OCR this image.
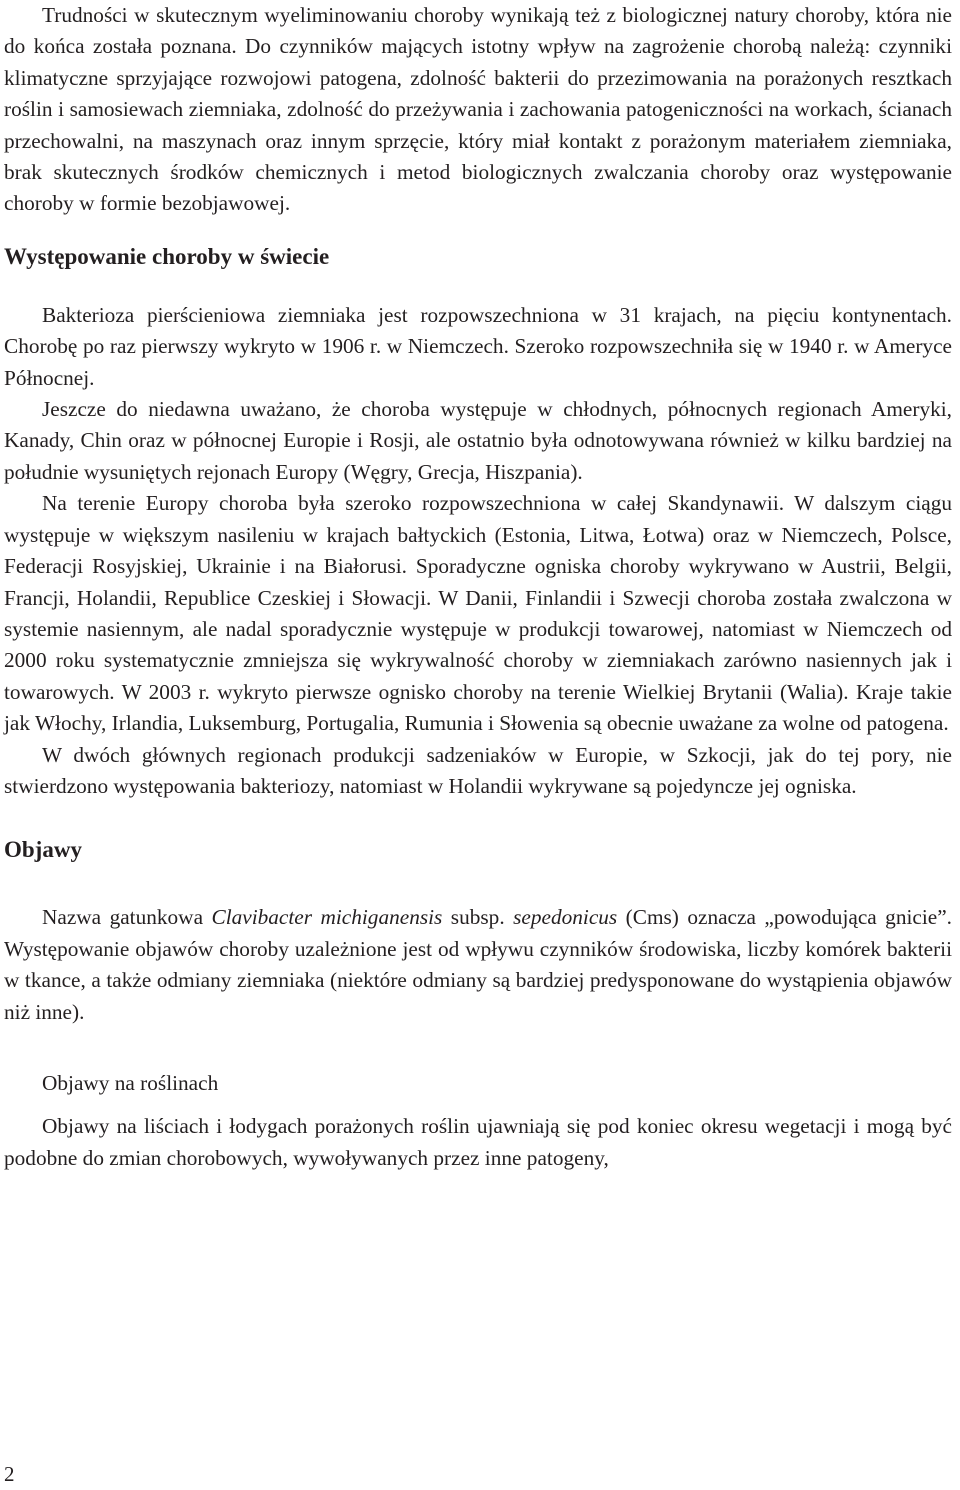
Trudności w skutecznym wyeliminowaniu choroby wynikają też z biologicznej natury choroby, która nie do końca została poznana. Do czynników mających istotny wpływ na zagrożenie chorobą należą: czynniki klimatyczne sprzyjające rozwojowi patogena, zdolność bakterii do przezimowania na porażonych resztkach roślin i samosiewach ziemniaka, zdolność do przeżywania i zachowania patogeniczności na workach, ścianach przechowalni, na maszynach oraz innym sprzęcie, który miał kontakt z porażonym materiałem ziemniaka, brak skutecznych środków chemicznych i metod biologicznych zwalczania choroby oraz występowanie choroby w formie bezobjawowej.

Występowanie choroby w świecie

Bakterioza pierścieniowa ziemniaka jest rozpowszechniona w 31 krajach, na pięciu kontynentach. Chorobę po raz pierwszy wykryto w 1906 r. w Niemczech. Szeroko rozpowszechniła się w 1940 r. w Ameryce Północnej.

Jeszcze do niedawna uważano, że choroba występuje w chłodnych, północnych regionach Ameryki, Kanady, Chin oraz w północnej Europie i Rosji, ale ostatnio była odnotowywana również w kilku bardziej na południe wysuniętych rejonach Europy (Węgry, Grecja, Hiszpania).

Na terenie Europy choroba była szeroko rozpowszechniona w całej Skandynawii. W dalszym ciągu występuje w większym nasileniu w krajach bałtyckich (Estonia, Litwa, Łotwa) oraz w Niemczech, Polsce, Federacji Rosyjskiej, Ukrainie i na Białorusi. Sporadyczne ogniska choroby wykrywano w Austrii, Belgii, Francji, Holandii, Republice Czeskiej i Słowacji. W Danii, Finlandii i Szwecji choroba została zwalczona w systemie nasiennym, ale nadal sporadycznie występuje w produkcji towarowej, natomiast w Niemczech od 2000 roku systematycznie zmniejsza się wykrywalność choroby w ziemniakach zarówno nasiennych jak i towarowych. W 2003 r. wykryto pierwsze ognisko choroby na terenie Wielkiej Brytanii (Walia). Kraje takie jak Włochy, Irlandia, Luksemburg, Portugalia, Rumunia i Słowenia są obecnie uważane za wolne od patogena.

W dwóch głównych regionach produkcji sadzeniaków w Europie, w Szkocji, jak do tej pory, nie stwierdzono występowania bakteriozy, natomiast w Holandii wykrywane są pojedyncze jej ogniska.

Objawy

Nazwa gatunkowa Clavibacter michiganensis subsp. sepedonicus (Cms) oznacza „powodująca gnicie”. Występowanie objawów choroby uzależnione jest od wpływu czynników środowiska, liczby komórek bakterii w tkance, a także odmiany ziemniaka (niektóre odmiany są bardziej predysponowane do wystąpienia objawów niż inne).

Objawy na roślinach

Objawy na liściach i łodygach porażonych roślin ujawniają się pod koniec okresu wegetacji i mogą być podobne do zmian chorobowych, wywoływanych przez inne patogeny,

2
